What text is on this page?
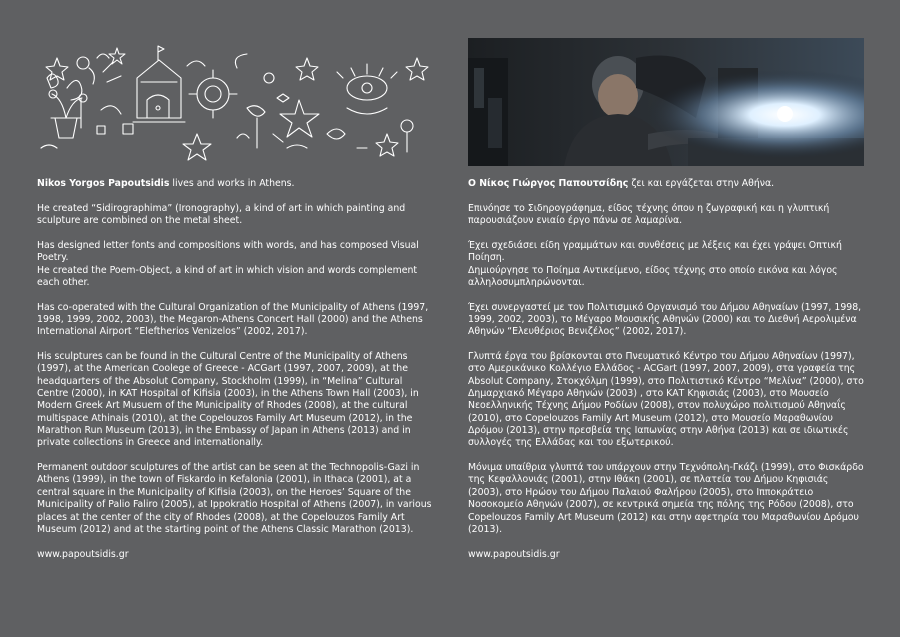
Nikos Yorgos Papoutsidis lives and works in Athens.

He created “Sidirographima” (Ironography), a kind of art in which painting and sculpture are combined on the metal sheet.

Has designed letter fonts and compositions with words, and has composed Visual Poetry.

He created the Poem-Object, a kind of art in which vision and words complement each other.

Has co-operated with the Cultural Organization of the Municipality of Athens (1997, 1998, 1999, 2002, 2003), the Megaron-Athens Concert Hall (2000) and the Athens International Airport “Eleftherios Venizelos” (2002, 2017).

His sculptures can be found in the Cultural Centre of the Municipality of Athens (1997), at the American Coolege of Greece - ACGart (1997, 2007, 2009), at the headquarters of the Absolut Company, Stockholm (1999), in “Melina” Cultural Centre (2000), in KAT Hospital of Kifisia (2003), in the Athens Town Hall (2003), in Modern Greek Art Musuem of the Municipality of Rhodes (2008), at the cultural multispace Athinais (2010), at the Copelouzos Family Art Museum (2012), in the Marathon Run Museum (2013), in the Embassy of Japan in Athens (2013) and in private collections in Greece and internationally.

Permanent outdoor sculptures of the artist can be seen at the Technopolis-Gazi in Athens (1999), in the town of Fiskardo in Kefalonia (2001), in Ithaca (2001), at a central square in the Municipality of Kifisia (2003), on the Heroes’ Square of the Municipality of Palio Faliro (2005), at Ippokratio Hospital of Athens (2007), in various places at the center of the city of Rhodes (2008), at the Copelouzos Family Art Museum (2012) and at the starting point of the Athens Classic Marathon (2013).

www.papoutsidis.gr

Ο Νίκος Γιώργος Παπουτσίδης ζει και εργάζεται στην Αθήνα.

Επινόησε το Σιδηρογράφημα, είδος τέχνης όπου η ζωγραφική και η γλυπτική παρουσιάζουν ενιαίο έργο πάνω σε λαμαρίνα.

Έχει σχεδιάσει είδη γραμμάτων και συνθέσεις με λέξεις και έχει γράψει Οπτική Ποίηση.

Δημιούργησε το Ποίημα Αντικείμενο, είδος τέχνης στο οποίο εικόνα και λόγος αλληλοσυμπληρώνονται.

Έχει συνεργαστεί με τον Πολιτισμικό Οργανισμό του Δήμου Αθηναίων (1997, 1998, 1999, 2002, 2003), το Μέγαρο Μουσικής Αθηνών (2000) και το Διεθνή Αερολιμένα Αθηνών “Ελευθέριος Βενιζέλος” (2002, 2017).

Γλυπτά έργα του βρίσκονται στο Πνευματικό Κέντρο του Δήμου Αθηναίων (1997), στο Αμερικάνικο Κολλέγιο Ελλάδος - ACGart (1997, 2007, 2009), στα γραφεία της Absolut Company, Στοκχόλμη (1999), στο Πολιτιστικό Κέντρο “Μελίνα” (2000), στο Δημαρχιακό Μέγαρο Αθηνών (2003) , στο ΚΑΤ Κηφισιάς (2003), στο Μουσείο Νεοελληνικής Τέχνης Δήμου Ροδίων (2008), στον πολυχώρο πολιτισμού Αθηναΐς (2010), στο Copelouzos Family Art Museum (2012), στο Μουσείο Μαραθωνίου Δρόμου (2013), στην πρεσβεία της Ιαπωνίας στην Αθήνα (2013) και σε ιδιωτικές συλλογές της Ελλάδας και του εξωτερικού.

Μόνιμα υπαίθρια γλυπτά του υπάρχουν στην Τεχνόπολη-Γκάζι (1999), στο Φισκάρδο της Κεφαλλονιάς (2001), στην Ιθάκη (2001), σε πλατεία του Δήμου Κηφισιάς (2003), στο Ηρώον του Δήμου Παλαιού Φαλήρου (2005), στο Ιπποκράτειο Νοσοκομείο Αθηνών (2007), σε κεντρικά σημεία της πόλης της Ρόδου (2008), στο Copelouzos Family Art Museum (2012) και στην αφετηρία του Μαραθωνίου Δρόμου (2013).

www.papoutsidis.gr
